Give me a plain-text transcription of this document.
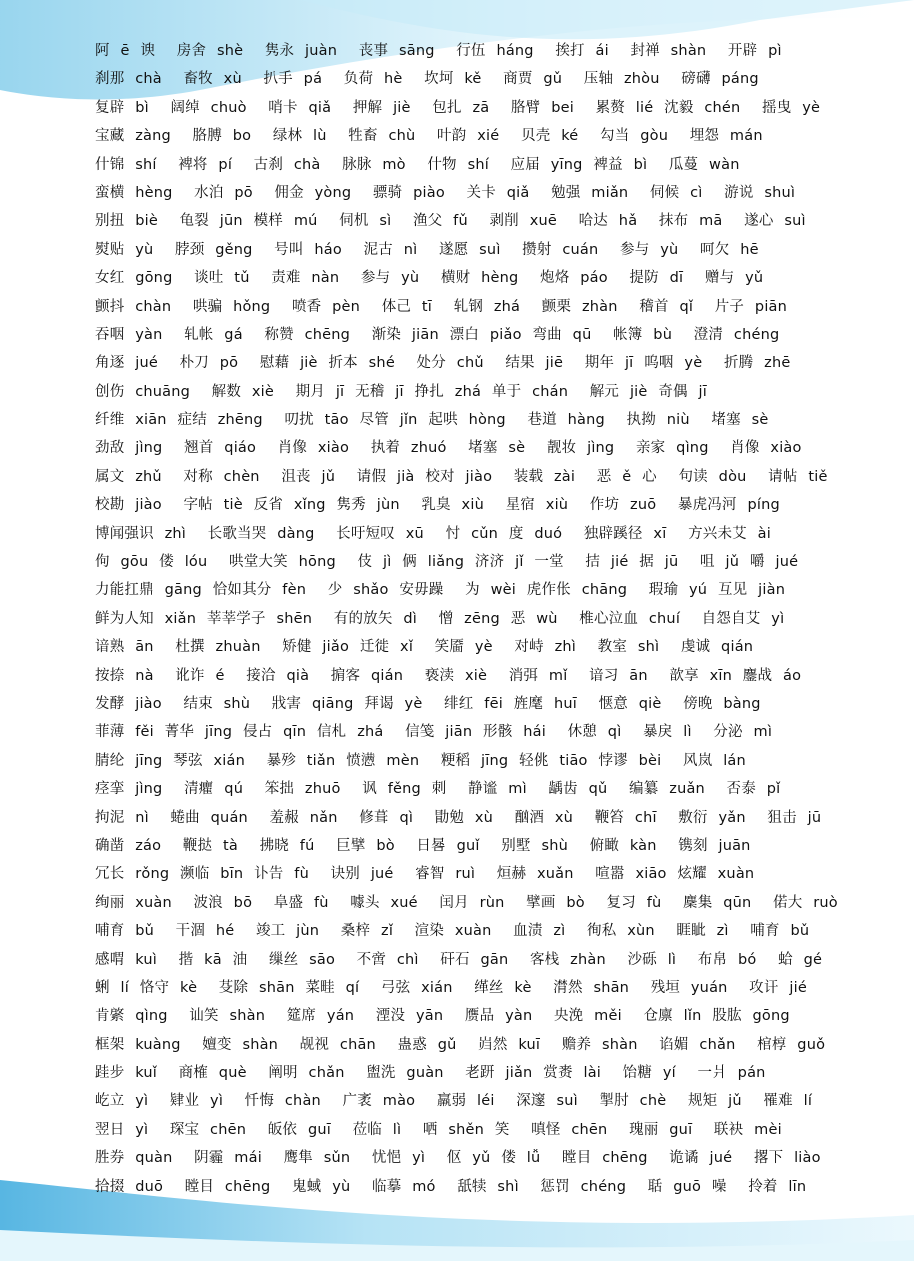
阿 ē 谀  房舍 shè  隽永 juàn  丧事 sāng  行伍 háng  挨打 ái  封禅 shàn  开辟 pì
刹那 chà  畜牧 xù  扒手 pá  负荷 hè  坎坷 kě  商贾 gǔ  压轴 zhòu  磅礴 páng
复辟 bì  阔绰 chuò  哨卡 qiǎ  押解 jiè  包扎 zā  胳臂 bei  累赘 lié 沈毅 chén  摇曳 yè
宝藏 zàng  胳膊 bo  绿林 lù  牲畜 chù  叶韵 xié  贝壳 ké  勾当 gòu  埋怨 mán
什锦 shí  裨将 pí  古刹 chà  脉脉 mò  什物 shí  应届 yīng 裨益 bì  瓜蔓 wàn
蛮横 hèng  水泊 pō  佣金 yòng  骠骑 piào  关卡 qiǎ  勉强 miǎn  伺候 cì  游说 shuì
别扭 biè  龟裂 jūn 模样 mú  伺机 sì  渔父 fǔ  剥削 xuē  哈达 hǎ  抹布 mā  遂心 suì
熨贴 yù  脖颈 gěng  号叫 háo  泥古 nì  遂愿 suì  攒射 cuán  参与 yù  呵欠 hē
女红 gōng  谈吐 tǔ  责难 nàn  参与 yù  横财 hèng  炮烙 páo  提防 dī  赠与 yǔ
颤抖 chàn  哄骗 hǒng  喷香 pèn  体己 tī  轧钢 zhá  颤栗 zhàn  稽首 qǐ  片子 piān
吞咽 yàn  轧帐 gá  称赞 chēng  渐染 jiān 漂白 piǎo 弯曲 qū  帐簿 bù  澄清 chéng
角逐 jué  朴刀 pō  慰藉 jiè 折本 shé  处分 chǔ  结果 jiē  期年 jī 呜咽 yè  折腾 zhē
创伤 chuāng  解数 xiè  期月 jī 无稽 jī 挣扎 zhá 单于 chán  解元 jiè 奇偶 jī
纤维 xiān 症结 zhēng  叨扰 tāo 尽管 jǐn 起哄 hòng  巷道 hàng  执拗 niù  堵塞 sè
劲敌 jìng  翘首 qiáo  肖像 xiào  执着 zhuó  堵塞 sè  靓妆 jìng  亲家 qìng  肖像 xiào
属文 zhǔ  对称 chèn  沮丧 jǔ  请假 jià 校对 jiào  装载 zài  恶 ě 心  句读 dòu  请帖 tiě
校勘 jiào  字帖 tiè 反省 xǐng 隽秀 jùn  乳臭 xiù  星宿 xiù  作坊 zuō  暴虎冯河 píng
博闻强识 zhì  长歌当哭 dàng  长吁短叹 xū  忖 cǔn 度 duó  独辟蹊径 xī  方兴未艾 ài
佝 gōu 偻 lóu  哄堂大笑 hōng  伎 jì 俩 liǎng 济济 jǐ 一堂  拮 jié 据 jū  咀 jǔ 嚼 jué
力能扛鼎 gāng 恰如其分 fèn  少 shǎo 安毋躁  为 wèi 虎作伥 chāng  瑕瑜 yú 互见 jiàn
鲜为人知 xiǎn 莘莘学子 shēn  有的放矢 dì  憎 zēng 恶 wù  椎心泣血 chuí  自怨自艾 yì
谙熟 ān  杜撰 zhuàn  矫健 jiǎo 迁徙 xǐ  笑靥 yè  对峙 zhì  教室 shì  虔诚 qián
按捺 nà  讹诈 é  接洽 qià  掮客 qián  亵渎 xiè  消弭 mǐ  谙习 ān  歆享 xīn 鏖战 áo
发酵 jiào  结束 shù  戕害 qiāng 拜谒 yè  绯红 fēi 旌麾 huī  惬意 qiè  傍晚 bàng
菲薄 fěi 菁华 jīng 侵占 qīn 信札 zhá  信笺 jiān 形骸 hái  休憩 qì  暴戾 lì  分泌 mì
腈纶 jīng 琴弦 xián  暴殄 tiǎn 愤懑 mèn  粳稻 jīng 轻佻 tiāo 悖谬 bèi  风岚 lán
痉挛 jìng  清癯 qú  笨拙 zhuō  讽 fěng 刺  静谧 mì  龋齿 qǔ  编纂 zuǎn  否泰 pǐ
拘泥 nì  蜷曲 quán  羞赧 nǎn  修葺 qì  勖勉 xù  酗酒 xù  鞭笞 chī  敷衍 yǎn  狙击 jū
确凿 záo  鞭挞 tà  拂晓 fú  巨擘 bò  日晷 guǐ  别墅 shù  俯瞰 kàn  镌刻 juān
冗长 rǒng 濒临 bīn 讣告 fù  诀别 jué  睿智 ruì  烜赫 xuǎn  喧嚣 xiāo 炫耀 xuàn
绚丽 xuàn  波浪 bō  阜盛 fù  噱头 xué  闰月 rùn  擘画 bò  复习 fù  麇集 qūn  偌大 ruò
哺育 bǔ  干涸 hé  竣工 jùn  桑梓 zǐ  渲染 xuàn  血渍 zì  徇私 xùn  睚眦 zì  哺育 bǔ
感喟 kuì  揩 kā 油  缫丝 sāo  不啻 chì  矸石 gān  客栈 zhàn  沙砾 lì  布帛 bó  蛤 gé
蜊 lí 恪守 kè  芟除 shān 菜畦 qí  弓弦 xián  缂丝 kè  潸然 shān  残垣 yuán  攻讦 jié
肯綮 qìng  讪笑 shàn  筵席 yán  湮没 yān  赝品 yàn  央浼 měi  仓廪 lǐn 股肱 gōng
框架 kuàng  嬗变 shàn  觇视 chān  蛊惑 gǔ  岿然 kuī  赡养 shàn  谄媚 chǎn  棺椁 guǒ
跬步 kuǐ  商榷 què  阐明 chǎn  盥洗 guàn  老趼 jiǎn 赏赉 lài  饴糖 yí  一爿 pán
屹立 yì  肄业 yì  忏悔 chàn  广袤 mào  羸弱 léi  深邃 suì  掣肘 chè  规矩 jǔ  罹难 lí
翌日 yì  琛宝 chēn  皈依 guī  莅临 lì  哂 shěn 笑  嗔怪 chēn  瑰丽 guī  联袂 mèi
胜券 quàn  阴霾 mái  鹰隼 sǔn  忧悒 yì  伛 yǔ 偻 lǚ  瞠目 chēng  诡谲 jué  撂下 liào
拾掇 duō  瞠目 chēng  鬼蜮 yù  临摹 mó  舐犊 shì  惩罚 chéng  聒 guō 噪  拎着 līn
